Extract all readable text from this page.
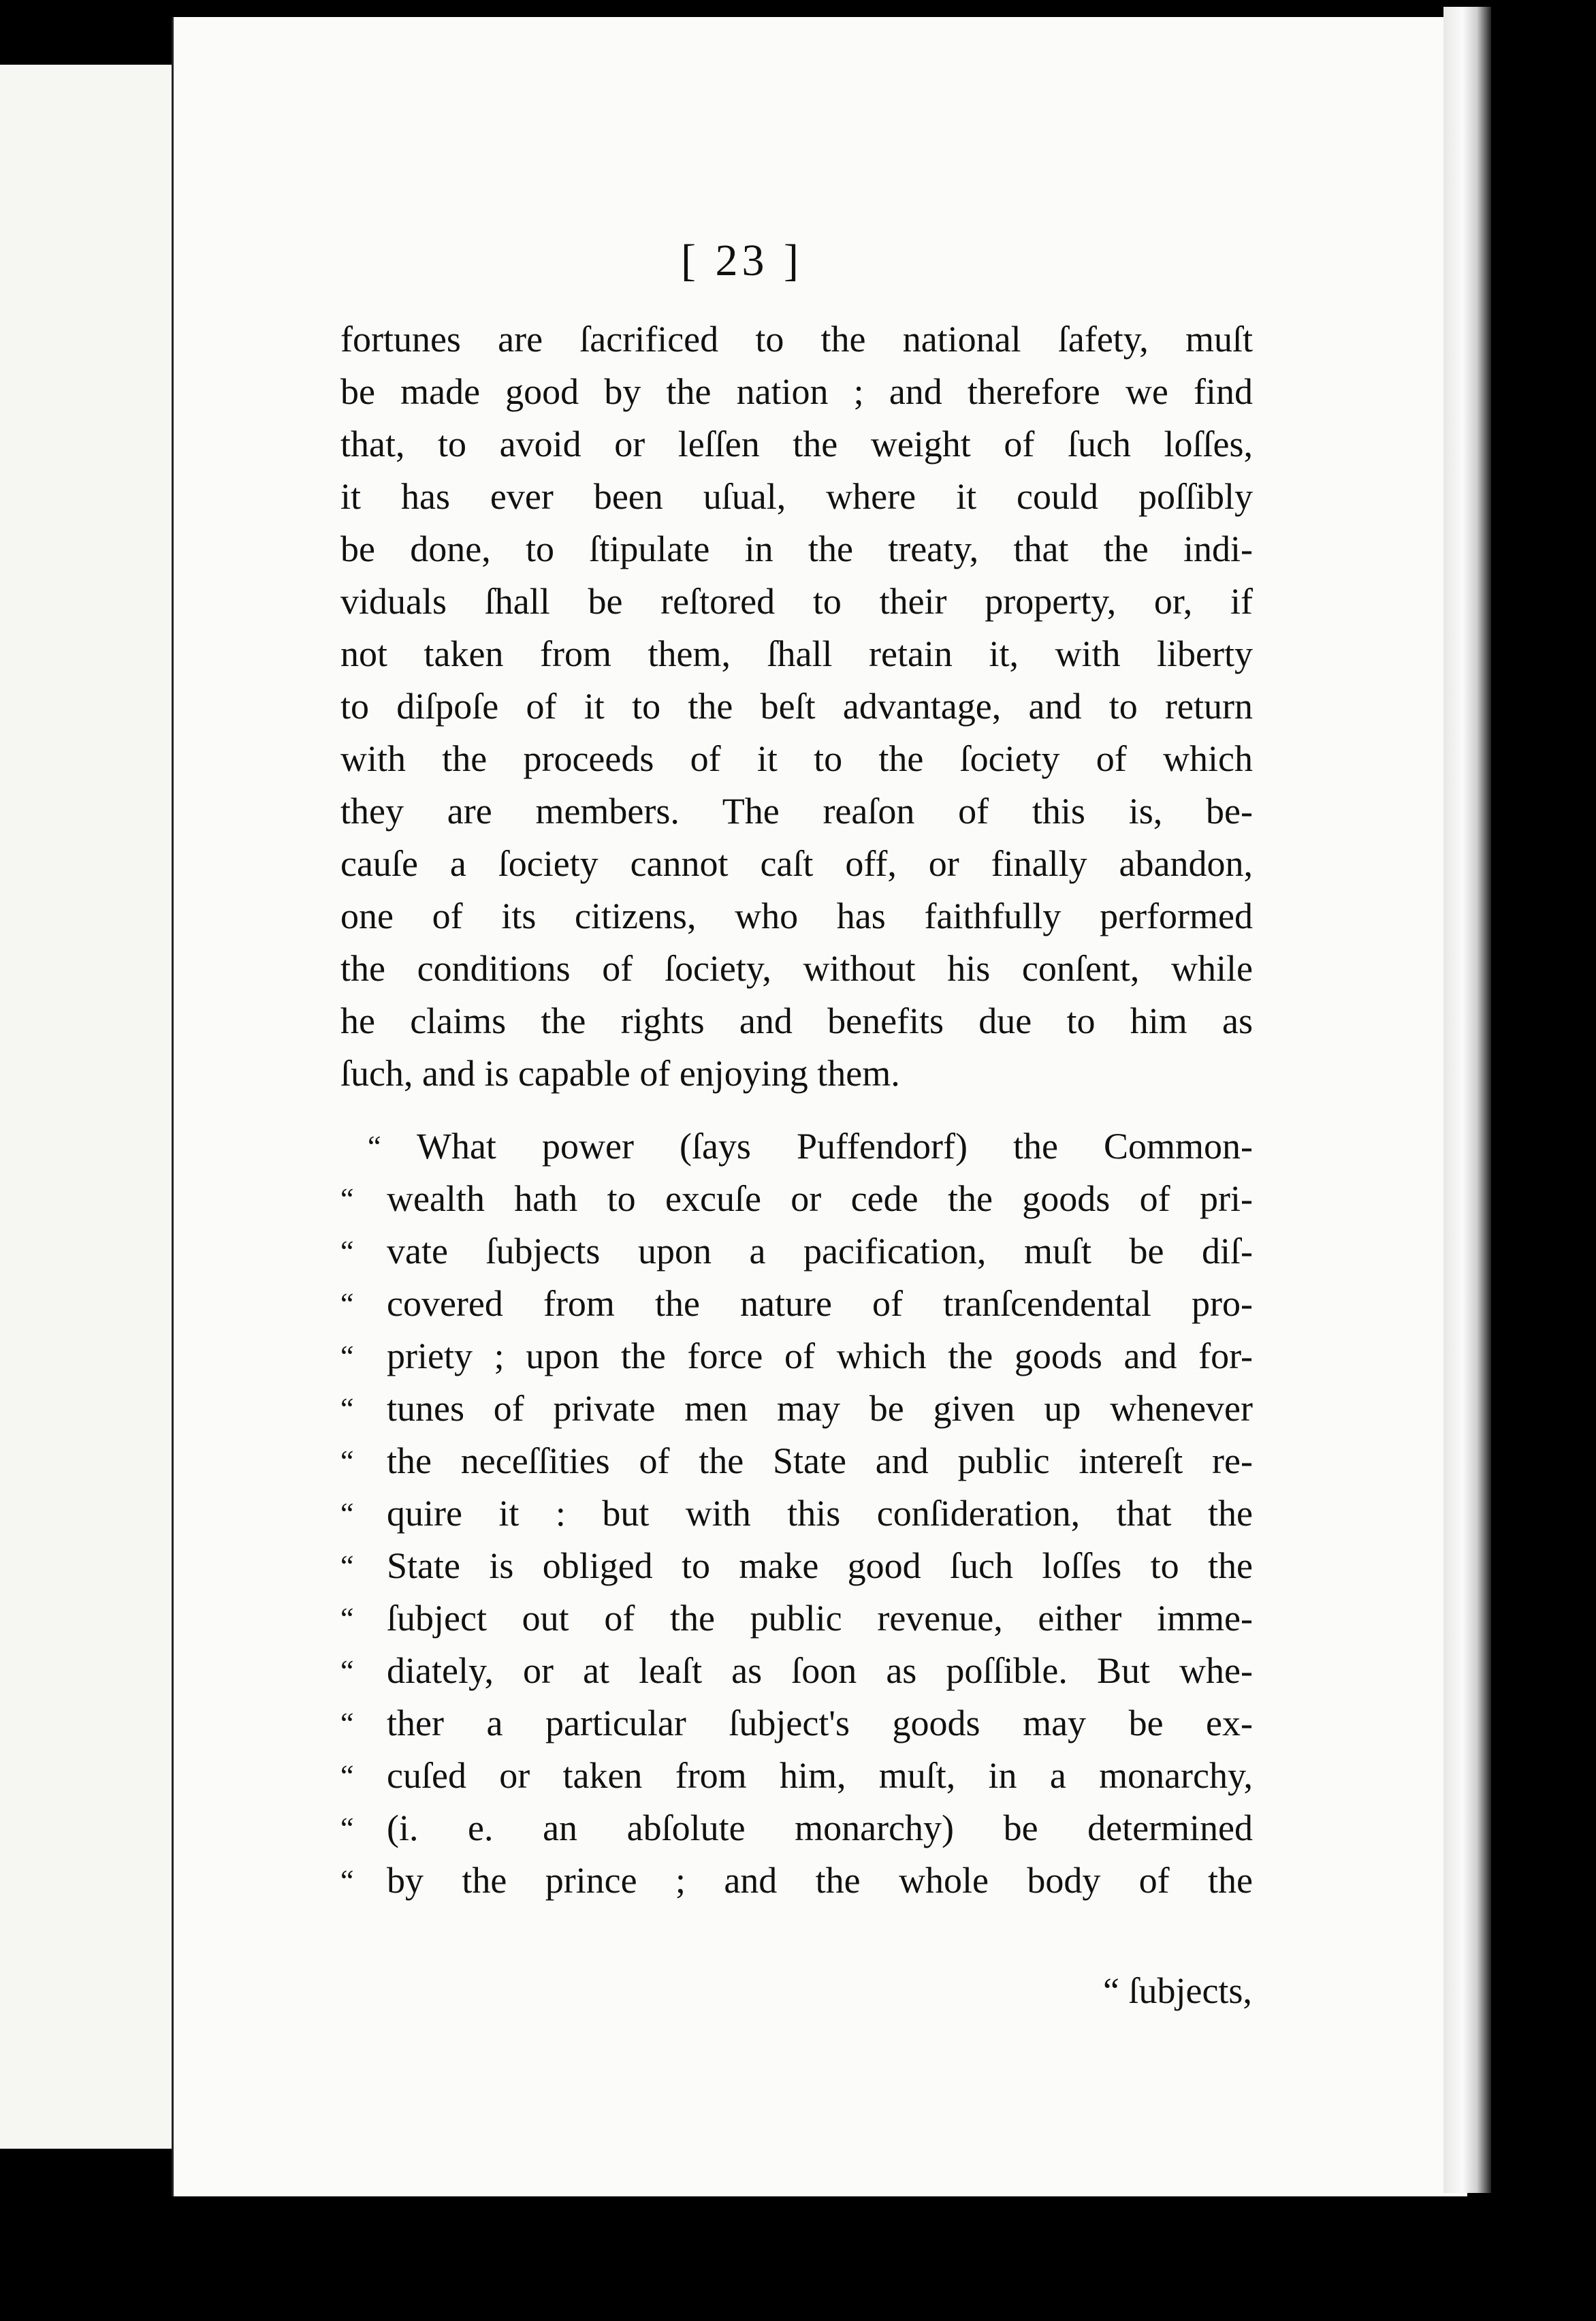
[ 23 ]
fortunes are ſacrificed to the national ſafety, muſt
be made good by the nation ; and therefore we find
that, to avoid or leſſen the weight of ſuch loſſes,
it has ever been uſual, where it could poſſibly
be done, to ſtipulate in the treaty, that the indi-
viduals ſhall be reſtored to their property, or, if
not taken from them, ſhall retain it, with liberty
to diſpoſe of it to the beſt advantage, and to return
with the proceeds of it to the ſociety of which
they are members. The reaſon of this is, be-
cauſe a ſociety cannot caſt off, or finally abandon,
one of its citizens, who has faithfully performed
the conditions of ſociety, without his conſent, while
he claims the rights and benefits due to him as
ſuch, and is capable of enjoying them.
“ What power (ſays Puffendorf) the Common-
“ wealth hath to excuſe or cede the goods of pri-
“ vate ſubjects upon a pacification, muſt be diſ-
“ covered from the nature of tranſcendental pro-
“ priety ; upon the force of which the goods and for-
“ tunes of private men may be given up whenever
“ the neceſſities of the State and public intereſt re-
“ quire it : but with this conſideration, that the
“ State is obliged to make good ſuch loſſes to the
“ ſubject out of the public revenue, either imme-
“ diately, or at leaſt as ſoon as poſſible. But whe-
“ ther a particular ſubject's goods may be ex-
“ cuſed or taken from him, muſt, in a monarchy,
“ (i. e. an abſolute monarchy) be determined
“ by the prince ; and the whole body of the
“ ſubjects,
